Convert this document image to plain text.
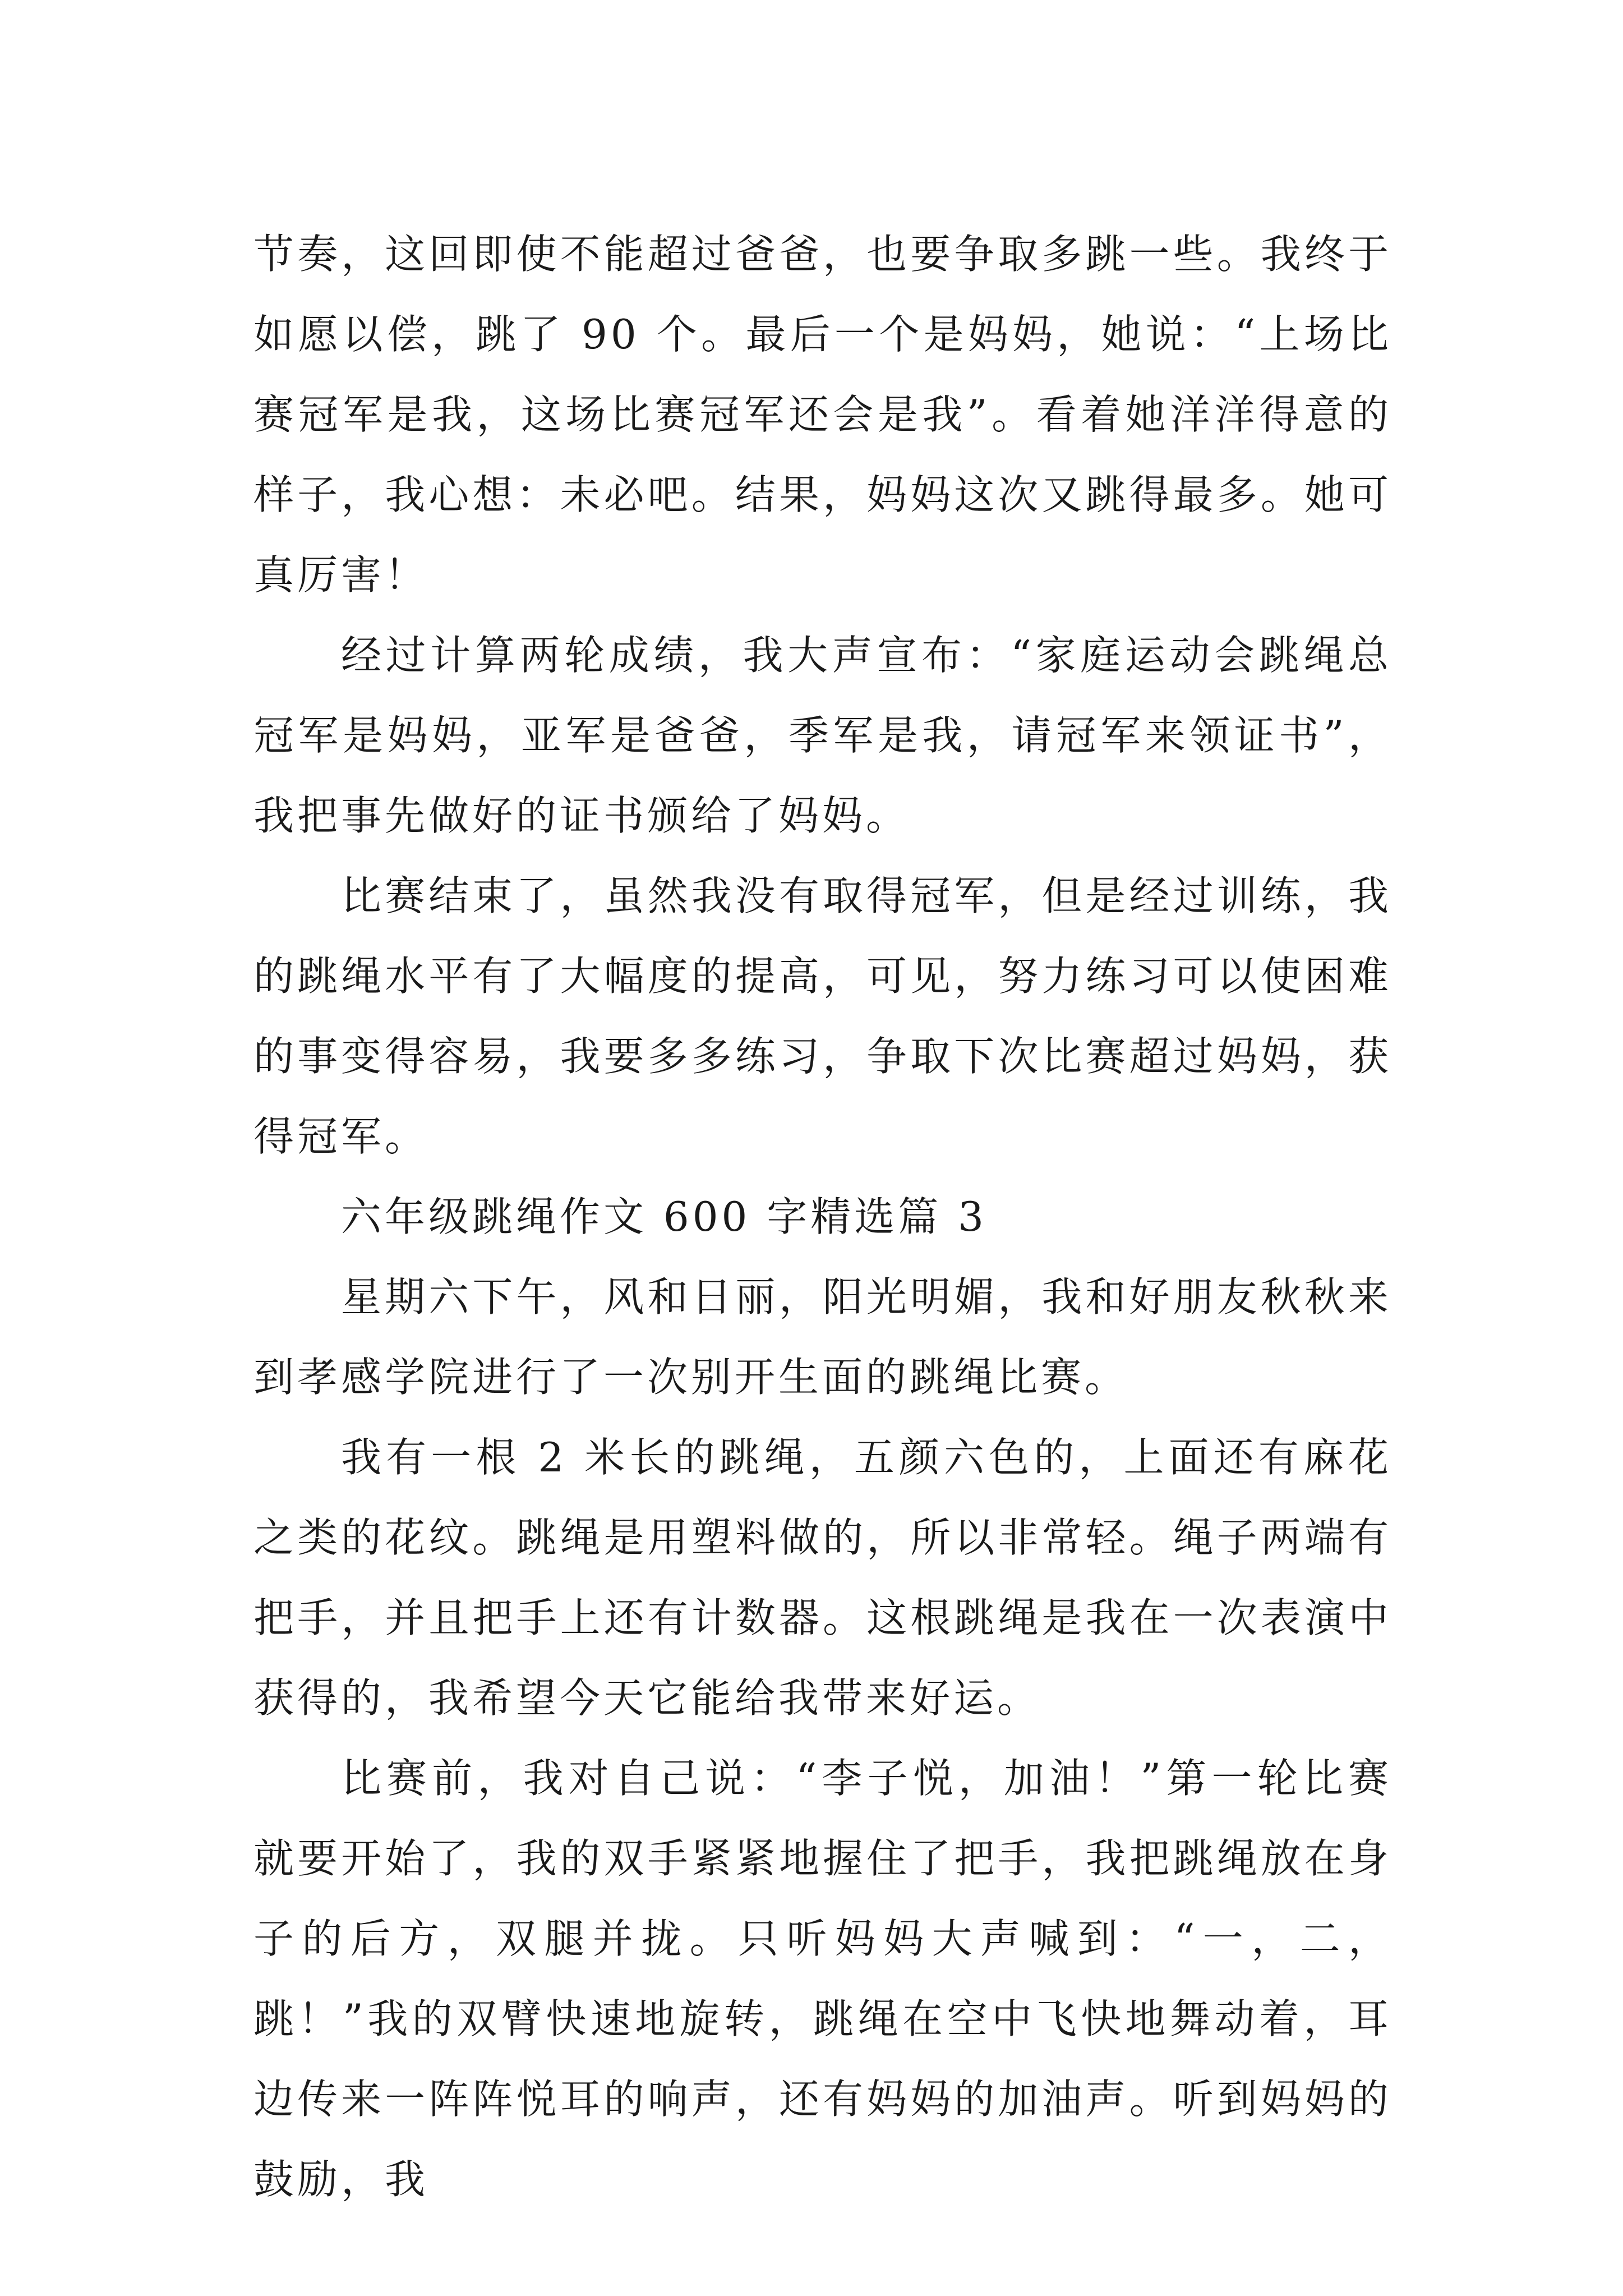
节奏，这回即使不能超过爸爸，也要争取多跳一些。我终于如愿以偿，跳了 90 个。最后一个是妈妈，她说：“上场比赛冠军是我，这场比赛冠军还会是我”。看着她洋洋得意的样子，我心想：未必吧。结果，妈妈这次又跳得最多。她可真厉害！

经过计算两轮成绩，我大声宣布：“家庭运动会跳绳总冠军是妈妈，亚军是爸爸，季军是我，请冠军来领证书”，我把事先做好的证书颁给了妈妈。

比赛结束了，虽然我没有取得冠军，但是经过训练，我的跳绳水平有了大幅度的提高，可见，努力练习可以使困难的事变得容易，我要多多练习，争取下次比赛超过妈妈，获得冠军。

六年级跳绳作文 600 字精选篇 3

星期六下午，风和日丽，阳光明媚，我和好朋友秋秋来到孝感学院进行了一次别开生面的跳绳比赛。

我有一根 2 米长的跳绳，五颜六色的，上面还有麻花之类的花纹。跳绳是用塑料做的，所以非常轻。绳子两端有把手，并且把手上还有计数器。这根跳绳是我在一次表演中获得的，我希望今天它能给我带来好运。

比赛前，我对自己说：“李子悦，加油！”第一轮比赛就要开始了，我的双手紧紧地握住了把手，我把跳绳放在身子的后方，双腿并拢。只听妈妈大声喊到：“一，二，跳！”我的双臂快速地旋转，跳绳在空中飞快地舞动着，耳边传来一阵阵悦耳的响声，还有妈妈的加油声。听到妈妈的鼓励，我
